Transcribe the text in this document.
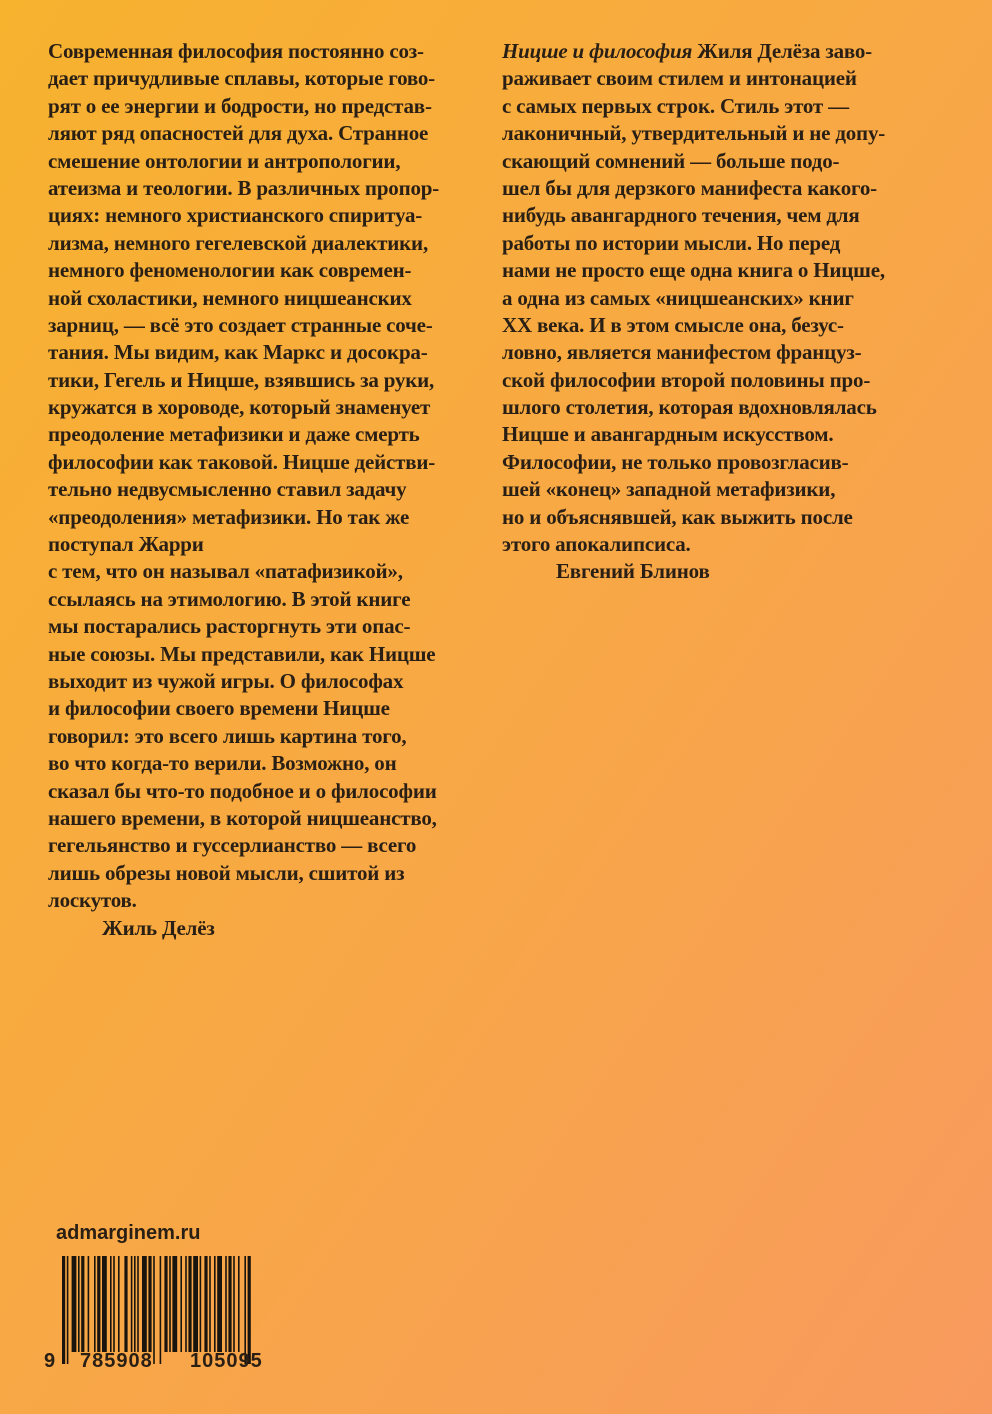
Современная философия постоянно соз-
дает причудливые сплавы, которые гово-
рят о ее энергии и бодрости, но представ-
ляют ряд опасностей для духа. Странное
смешение онтологии и антропологии,
атеизма и теологии. В различных пропор-
циях: немного христианского спиритуа-
лизма, немного гегелевской диалектики,
немного феноменологии как современ-
ной схоластики, немного ницшеанских
зарниц, — всё это создает странные соче-
тания. Мы видим, как Маркс и досокра-
тики, Гегель и Ницше, взявшись за руки,
кружатся в хороводе, который знаменует
преодоление метафизики и даже смерть
философии как таковой. Ницше действи-
тельно недвусмысленно ставил задачу
«преодоления» метафизики. Но так же
поступал Жарри
с тем, что он называл «патафизикой»,
ссылаясь на этимологию. В этой книге
мы постарались расторгнуть эти опас-
ные союзы. Мы представили, как Ницше
выходит из чужой игры. О философах
и философии своего времени Ницше
говорил: это всего лишь картина того,
во что когда-то верили. Возможно, он
сказал бы что-то подобное и о философии
нашего времени, в которой ницшеанство,
гегельянство и гуссерлианство — всего
лишь обрезы новой мысли, сшитой из
лоскутов.
Жиль Делёз
Ницше и философия Жиля Делёза заво-
раживает своим стилем и интонацией
с самых первых строк. Стиль этот —
лаконичный, утвердительный и не допу-
скающий сомнений — больше подо-
шел бы для дерзкого манифеста какого-
нибудь авангардного течения, чем для
работы по истории мысли. Но перед
нами не просто еще одна книга о Ницше,
а одна из самых «ницшеанских» книг
XX века. И в этом смысле она, безус-
ловно, является манифестом француз-
ской философии второй половины про-
шлого столетия, которая вдохновлялась
Ницше и авангардным искусством.
Философии, не только провозгласив-
шей «конец» западной метафизики,
но и объяснявшей, как выжить после
этого апокалипсиса.
Евгений Блинов
admarginem.ru
9 785908 105095
